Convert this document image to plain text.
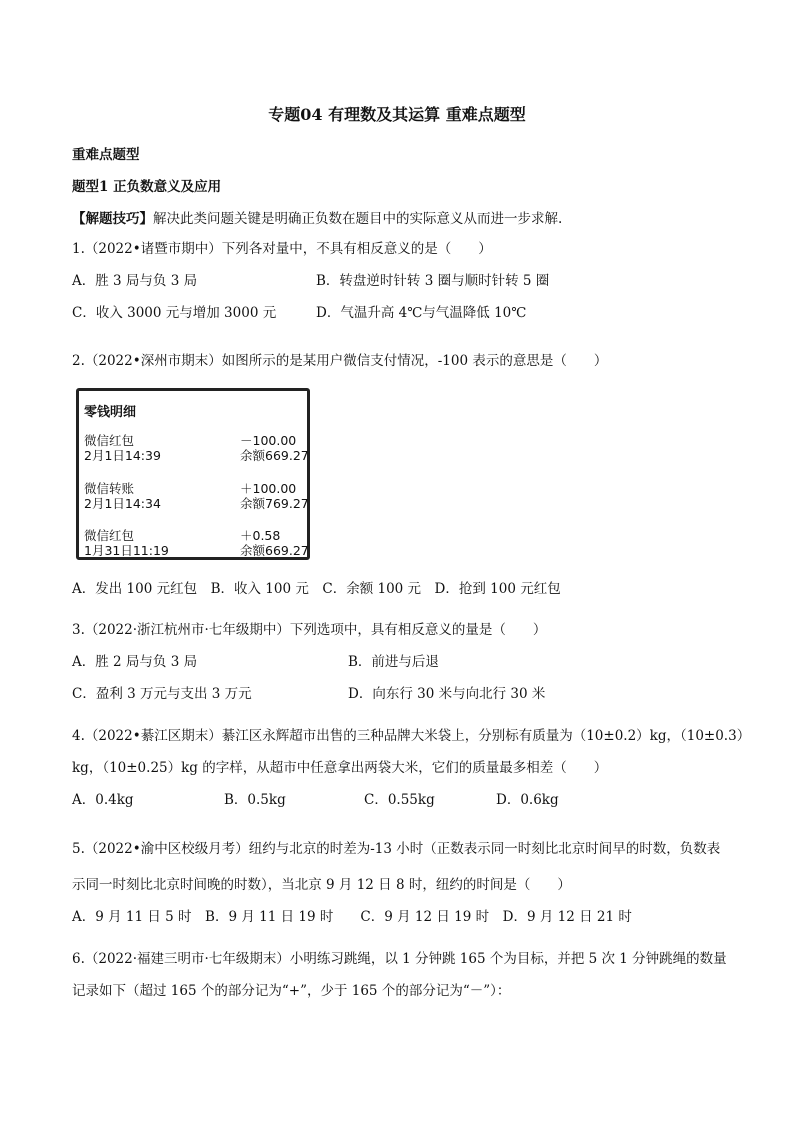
专题04 有理数及其运算 重难点题型
重难点题型
题型1 正负数意义及应用
【解题技巧】解决此类问题关键是明确正负数在题目中的实际意义从而进一步求解.
1.（2022•诸暨市期中）下列各对量中，不具有相反意义的是（　　）
A．胜 3 局与负 3 局	B．转盘逆时针转 3 圈与顺时针转 5 圈
C．收入 3000 元与增加 3000 元	D．气温升高 4℃与气温降低 10℃
2.（2022•深州市期末）如图所示的是某用户微信支付情况，-100 表示的意思是（　　）
零钱明细
微信红包	－100.00
2月1日14:39	余额669.27
微信转账	＋100.00
2月1日14:34	余额769.27
微信红包	＋0.58
1月31日11:19	余额669.27
A．发出 100 元红包　B．收入 100 元　C．余额 100 元　D．抢到 100 元红包
3.（2022·浙江杭州市·七年级期中）下列选项中，具有相反意义的量是（　　）
A．胜 2 局与负 3 局	B．前进与后退
C．盈利 3 万元与支出 3 万元	D．向东行 30 米与向北行 30 米
4.（2022•綦江区期末）綦江区永辉超市出售的三种品牌大米袋上，分别标有质量为（10±0.2）kg，（10±0.3）
kg，（10±0.25）kg 的字样，从超市中任意拿出两袋大米，它们的质量最多相差（　　）
A．0.4kg	B．0.5kg	C．0.55kg	D．0.6kg
5.（2022•渝中区校级月考）纽约与北京的时差为-13 小时（正数表示同一时刻比北京时间早的时数，负数表
示同一时刻比北京时间晚的时数），当北京 9 月 12 日 8 时，纽约的时间是（　　）
A．9 月 11 日 5 时　B．9 月 11 日 19 时　　C．9 月 12 日 19 时　D．9 月 12 日 21 时
6.（2022·福建三明市·七年级期末）小明练习跳绳，以 1 分钟跳 165 个为目标，并把 5 次 1 分钟跳绳的数量
记录如下（超过 165 个的部分记为“+”，少于 165 个的部分记为“－”）：
